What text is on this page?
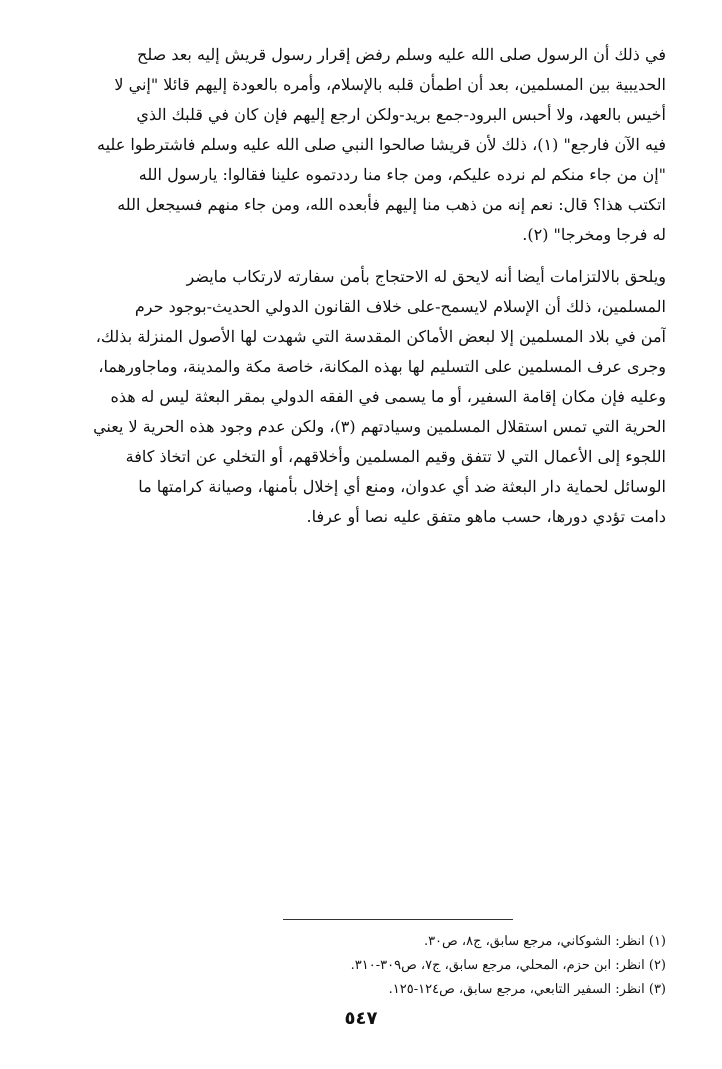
في ذلك أن الرسول صلى الله عليه وسلم رفض إقرار رسول قريش إليه بعد صلح
الحديبية بين المسلمين، بعد أن اطمأن قلبه بالإسلام، وأمره بالعودة إليهم قائلا "إني لا
أخيس بالعهد، ولا أحبس البرود-جمع بريد-ولكن ارجع إليهم فإن كان في قلبك الذي
فيه الآن فارجع" (١)، ذلك لأن قريشا صالحوا النبي صلى الله عليه وسلم فاشترطوا عليه
"إن من جاء منكم لم نرده عليكم، ومن جاء منا رددتموه علينا فقالوا: يارسول الله
اتكتب هذا؟ قال: نعم إنه من ذهب منا إليهم فأبعده الله، ومن جاء منهم فسيجعل الله
له فرجا ومخرجا" (٢).
ويلحق بالالتزامات أيضا أنه لايحق له الاحتجاج بأمن سفارته لارتكاب مايضر
المسلمين، ذلك أن الإسلام لايسمح-على خلاف القانون الدولي الحديث-بوجود حرم
آمن في بلاد المسلمين إلا لبعض الأماكن المقدسة التي شهدت لها الأصول المنزلة بذلك،
وجرى عرف المسلمين على التسليم لها بهذه المكانة، خاصة مكة والمدينة، وماجاورهما،
وعليه فإن مكان إقامة السفير، أو ما يسمى في الفقه الدولي بمقر البعثة ليس له هذه
الحرية التي تمس استقلال المسلمين وسيادتهم (٣)، ولكن عدم وجود هذه الحرية لا يعني
اللجوء إلى الأعمال التي لا تتفق وقيم المسلمين وأخلاقهم، أو التخلي عن اتخاذ كافة
الوسائل لحماية دار البعثة ضد أي عدوان، ومنع أي إخلال بأمنها، وصيانة كرامتها ما
دامت تؤدي دورها، حسب ماهو متفق عليه نصا أو عرفا.
(١) انظر: الشوكاني، مرجع سابق، ج٨، ص٣٠.
(٢) انظر: ابن حزم، المحلي، مرجع سابق، ج٧، ص٣٠٩-٣١٠.
(٣) انظر: السفير التابعي، مرجع سابق، ص١٢٤-١٢٥.
٥٤٧
